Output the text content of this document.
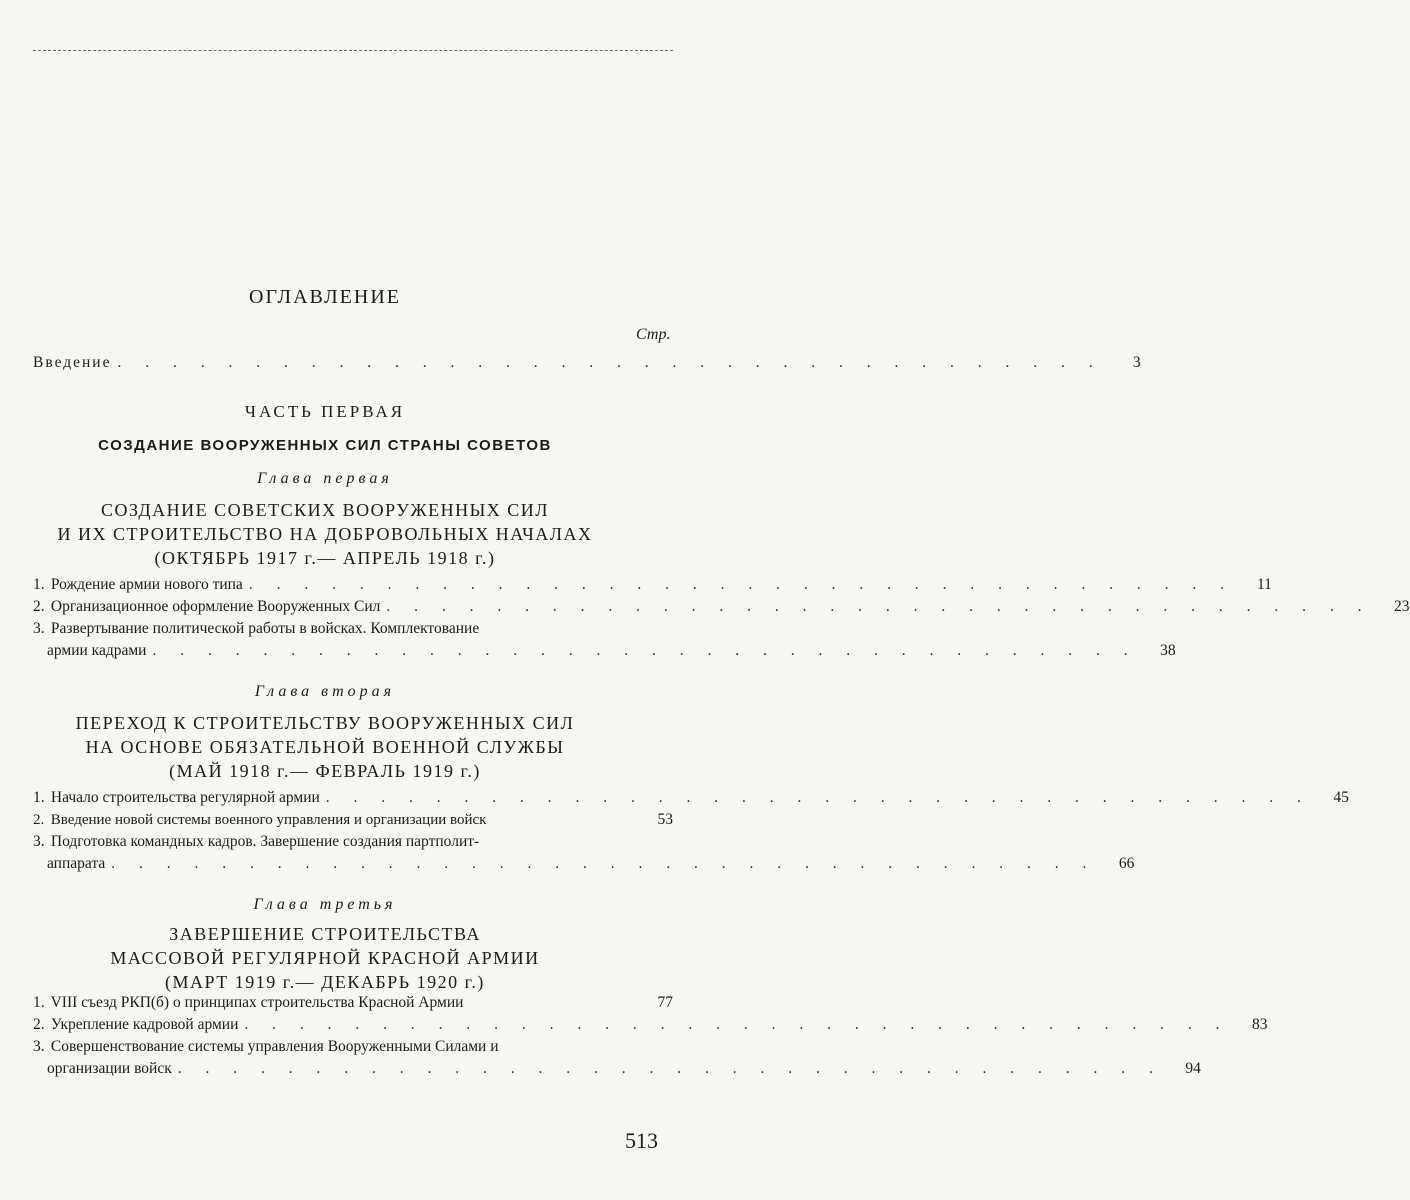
ОГЛАВЛЕНИЕ
Стр.
Введение . . . . . . . . . . . . . . . . . . . . . . . . . . . . . . . . . . . .	3
ЧАСТЬ ПЕРВАЯ
СОЗДАНИЕ ВООРУЖЕННЫХ СИЛ СТРАНЫ СОВЕТОВ
Глава первая
СОЗДАНИЕ СОВЕТСКИХ ВООРУЖЕННЫХ СИЛ
И ИХ СТРОИТЕЛЬСТВО НА ДОБРОВОЛЬНЫХ НАЧАЛАХ
(ОКТЯБРЬ 1917 г.— АПРЕЛЬ 1918 г.)
1. Рождение армии нового типа . . . . . . . . . . . . . . . . . . . . . . . . . . . . . . . . . . . .	11
2. Организационное оформление Вооруженных Сил . . . . . . . . . . . . . . . . . . . . . . . . . . . . . . . . . . . .	23
3. Развертывание политической работы в войсках. Комплектование
армии кадрами . . . . . . . . . . . . . . . . . . . . . . . . . . . . . . . . . . . .	38
Глава вторая
ПЕРЕХОД К СТРОИТЕЛЬСТВУ ВООРУЖЕННЫХ СИЛ
НА ОСНОВЕ ОБЯЗАТЕЛЬНОЙ ВОЕННОЙ СЛУЖБЫ
(МАЙ 1918 г.— ФЕВРАЛЬ 1919 г.)
1. Начало строительства регулярной армии . . . . . . . . . . . . . . . . . . . . . . . . . . . . . . . . . . . .	45
2. Введение новой системы военного управления и организации войск	53
3. Подготовка командных кадров. Завершение создания партполит-
аппарата . . . . . . . . . . . . . . . . . . . . . . . . . . . . . . . . . . . .	66
Глава третья
ЗАВЕРШЕНИЕ СТРОИТЕЛЬСТВА
МАССОВОЙ РЕГУЛЯРНОЙ КРАСНОЙ АРМИИ
(МАРТ 1919 г.— ДЕКАБРЬ 1920 г.)
1. VIII съезд РКП(б) о принципах строительства Красной Армии	77
2. Укрепление кадровой армии . . . . . . . . . . . . . . . . . . . . . . . . . . . . . . . . . . . .	83
3. Совершенствование системы управления Вооруженными Силами и
организации войск . . . . . . . . . . . . . . . . . . . . . . . . . . . . . . . . . . . .	94
513
